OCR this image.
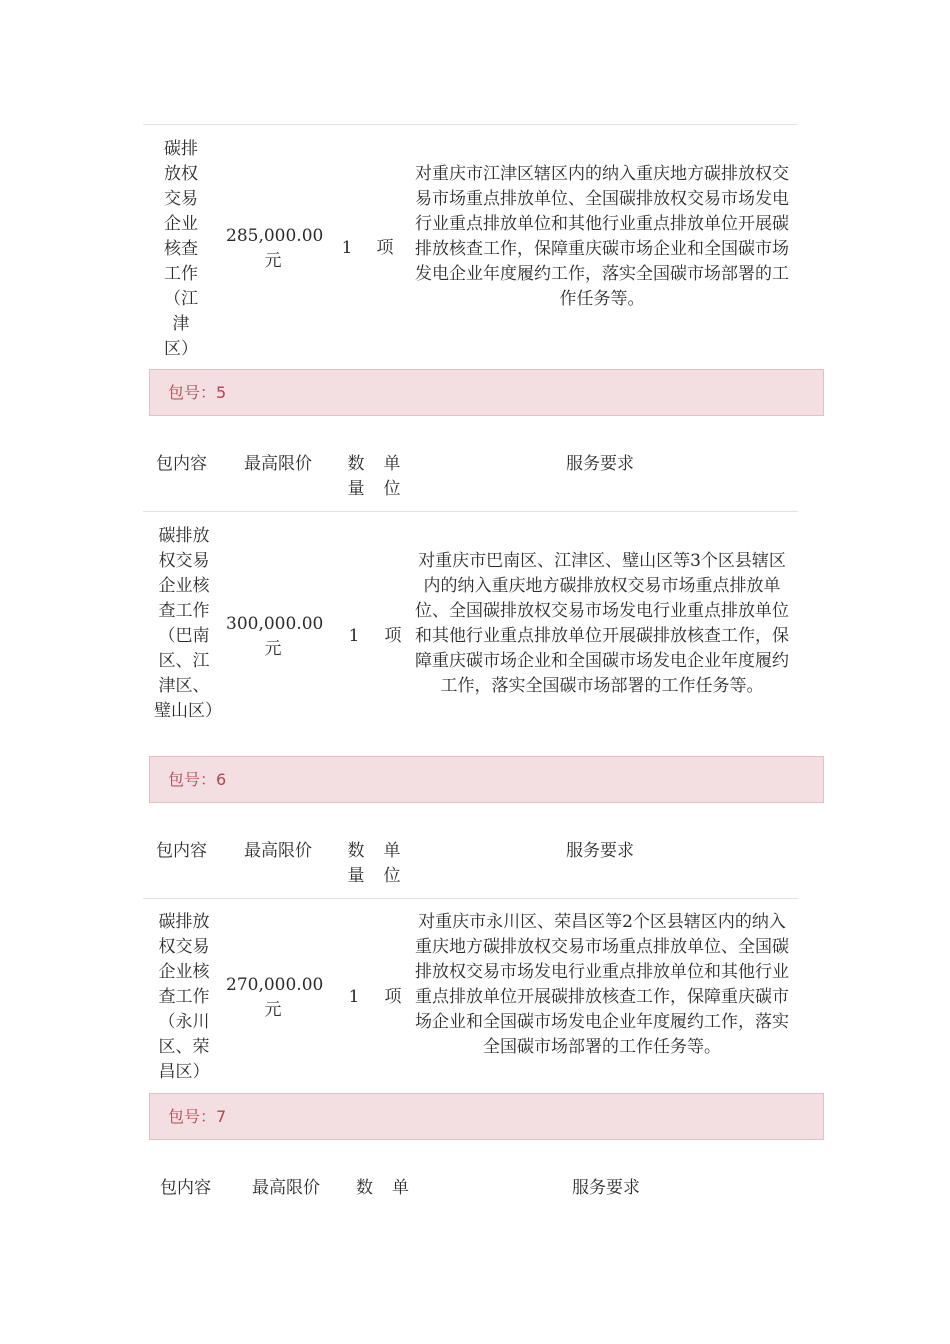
碳排放权交易企业核查工作（江津区）
285,000.00元
1 项
对重庆市江津区辖区内的纳入重庆地方碳排放权交易市场重点排放单位、全国碳排放权交易市场发电行业重点排放单位和其他行业重点排放单位开展碳排放核查工作，保障重庆碳市场企业和全国碳市场发电企业年度履约工作，落实全国碳市场部署的工作任务等。
包号：5
包内容 最高限价 数量
单位
服务要求
碳排放权交易企业核查工作（巴南区、江津区、璧山区）
300,000.00元
1 项
对重庆市巴南区、江津区、璧山区等3个区县辖区内的纳入重庆地方碳排放权交易市场重点排放单位、全国碳排放权交易市场发电行业重点排放单位和其他行业重点排放单位开展碳排放核查工作，保障重庆碳市场企业和全国碳市场发电企业年度履约工作，落实全国碳市场部署的工作任务等。
包号：6
包内容 最高限价 数量
单位
服务要求
碳排放权交易企业核查工作（永川区、荣昌区）
270,000.00元
1 项
对重庆市永川区、荣昌区等2个区县辖区内的纳入重庆地方碳排放权交易市场重点排放单位、全国碳排放权交易市场发电行业重点排放单位和其他行业重点排放单位开展碳排放核查工作，保障重庆碳市场企业和全国碳市场发电企业年度履约工作，落实全国碳市场部署的工作任务等。
包号：7
包内容 最高限价 数 单	服务要求
